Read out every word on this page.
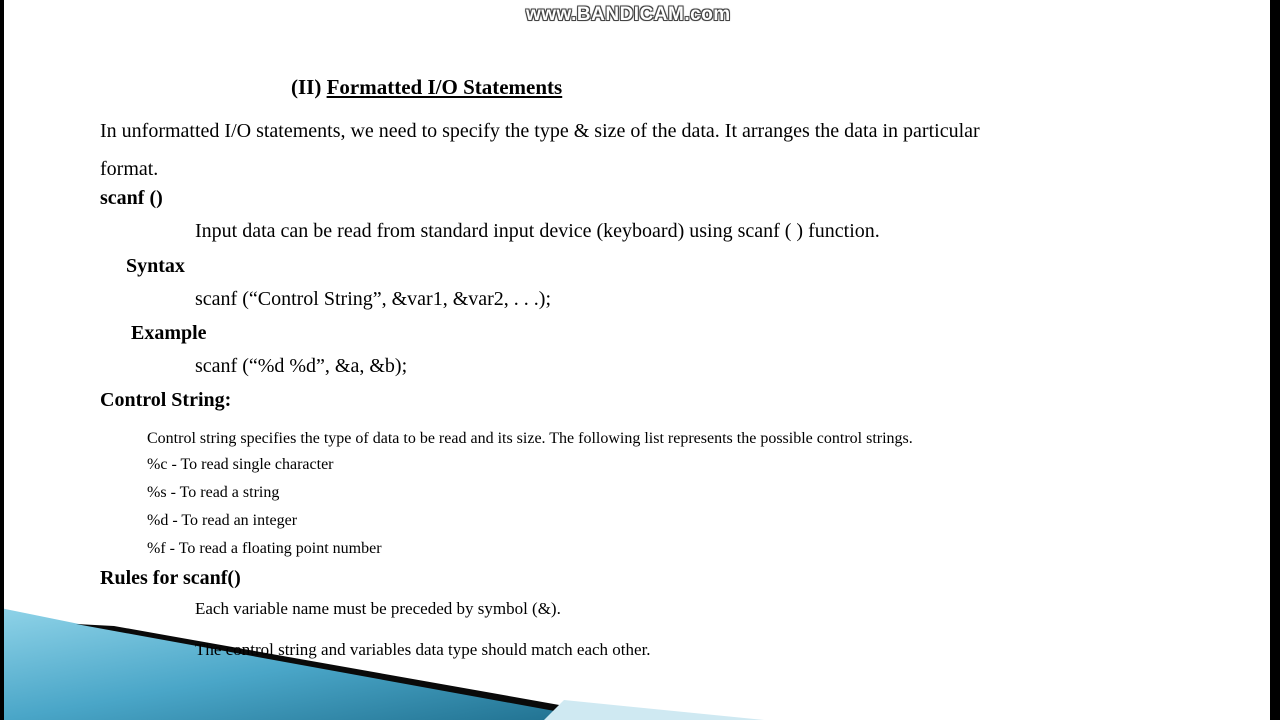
(II) Formatted I/O Statements
In unformatted I/O statements, we need to specify the type & size of the data. It arranges the data in particular
format.
scanf ()
Input data can be read from standard input device (keyboard) using scanf ( ) function.
Syntax
scanf (“Control String”, &var1, &var2, . . .);
Example
scanf (“%d %d”, &a, &b);
Control String:
Control string specifies the type of data to be read and its size. The following list represents the possible control strings.
%c - To read single character
%s - To read a string
%d - To read an integer
%f - To read a floating point number
Rules for scanf()
Each variable name must be preceded by symbol (&).
The control string and variables data type should match each other.
www.BANDICAM.com
